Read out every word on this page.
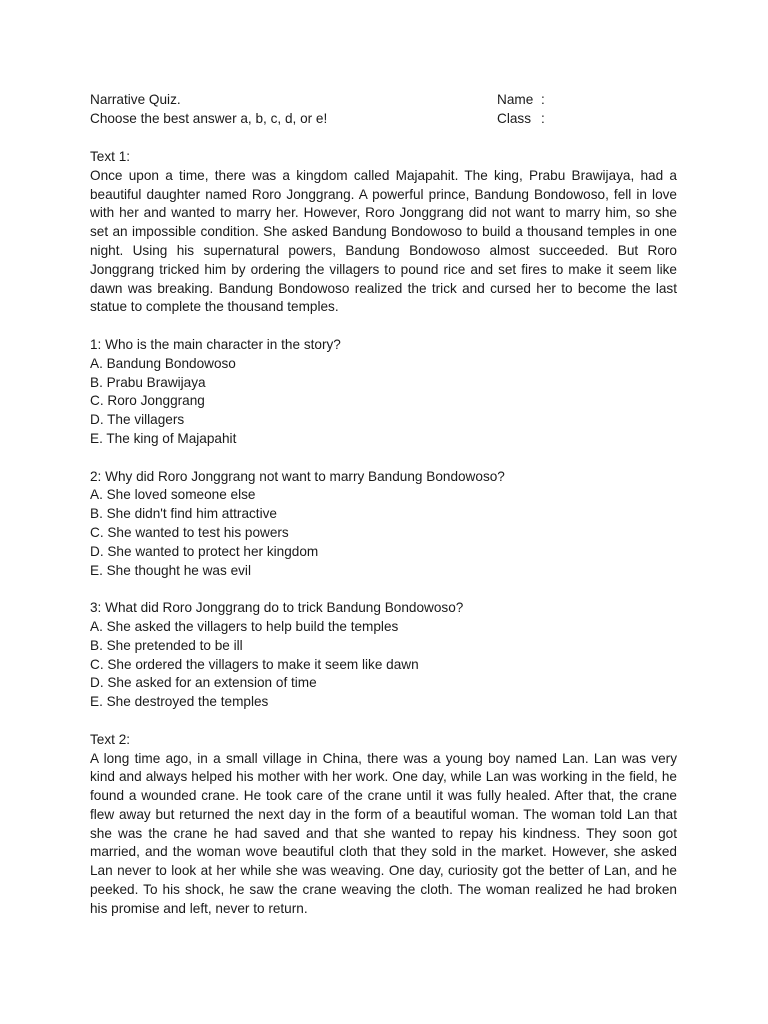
Narrative Quiz.
Choose the best answer a, b, c, d, or e!
Name :
Class :
Text 1:
Once upon a time, there was a kingdom called Majapahit. The king, Prabu Brawijaya, had a beautiful daughter named Roro Jonggrang. A powerful prince, Bandung Bondowoso, fell in love with her and wanted to marry her. However, Roro Jonggrang did not want to marry him, so she set an impossible condition. She asked Bandung Bondowoso to build a thousand temples in one night. Using his supernatural powers, Bandung Bondowoso almost succeeded. But Roro Jonggrang tricked him by ordering the villagers to pound rice and set fires to make it seem like dawn was breaking. Bandung Bondowoso realized the trick and cursed her to become the last statue to complete the thousand temples.
1: Who is the main character in the story?
A. Bandung Bondowoso
B. Prabu Brawijaya
C. Roro Jonggrang
D. The villagers
E. The king of Majapahit
2: Why did Roro Jonggrang not want to marry Bandung Bondowoso?
A. She loved someone else
B. She didn't find him attractive
C. She wanted to test his powers
D. She wanted to protect her kingdom
E. She thought he was evil
3: What did Roro Jonggrang do to trick Bandung Bondowoso?
A. She asked the villagers to help build the temples
B. She pretended to be ill
C. She ordered the villagers to make it seem like dawn
D. She asked for an extension of time
E. She destroyed the temples
Text 2:
A long time ago, in a small village in China, there was a young boy named Lan. Lan was very kind and always helped his mother with her work. One day, while Lan was working in the field, he found a wounded crane. He took care of the crane until it was fully healed. After that, the crane flew away but returned the next day in the form of a beautiful woman. The woman told Lan that she was the crane he had saved and that she wanted to repay his kindness. They soon got married, and the woman wove beautiful cloth that they sold in the market. However, she asked Lan never to look at her while she was weaving. One day, curiosity got the better of Lan, and he peeked. To his shock, he saw the crane weaving the cloth. The woman realized he had broken his promise and left, never to return.
